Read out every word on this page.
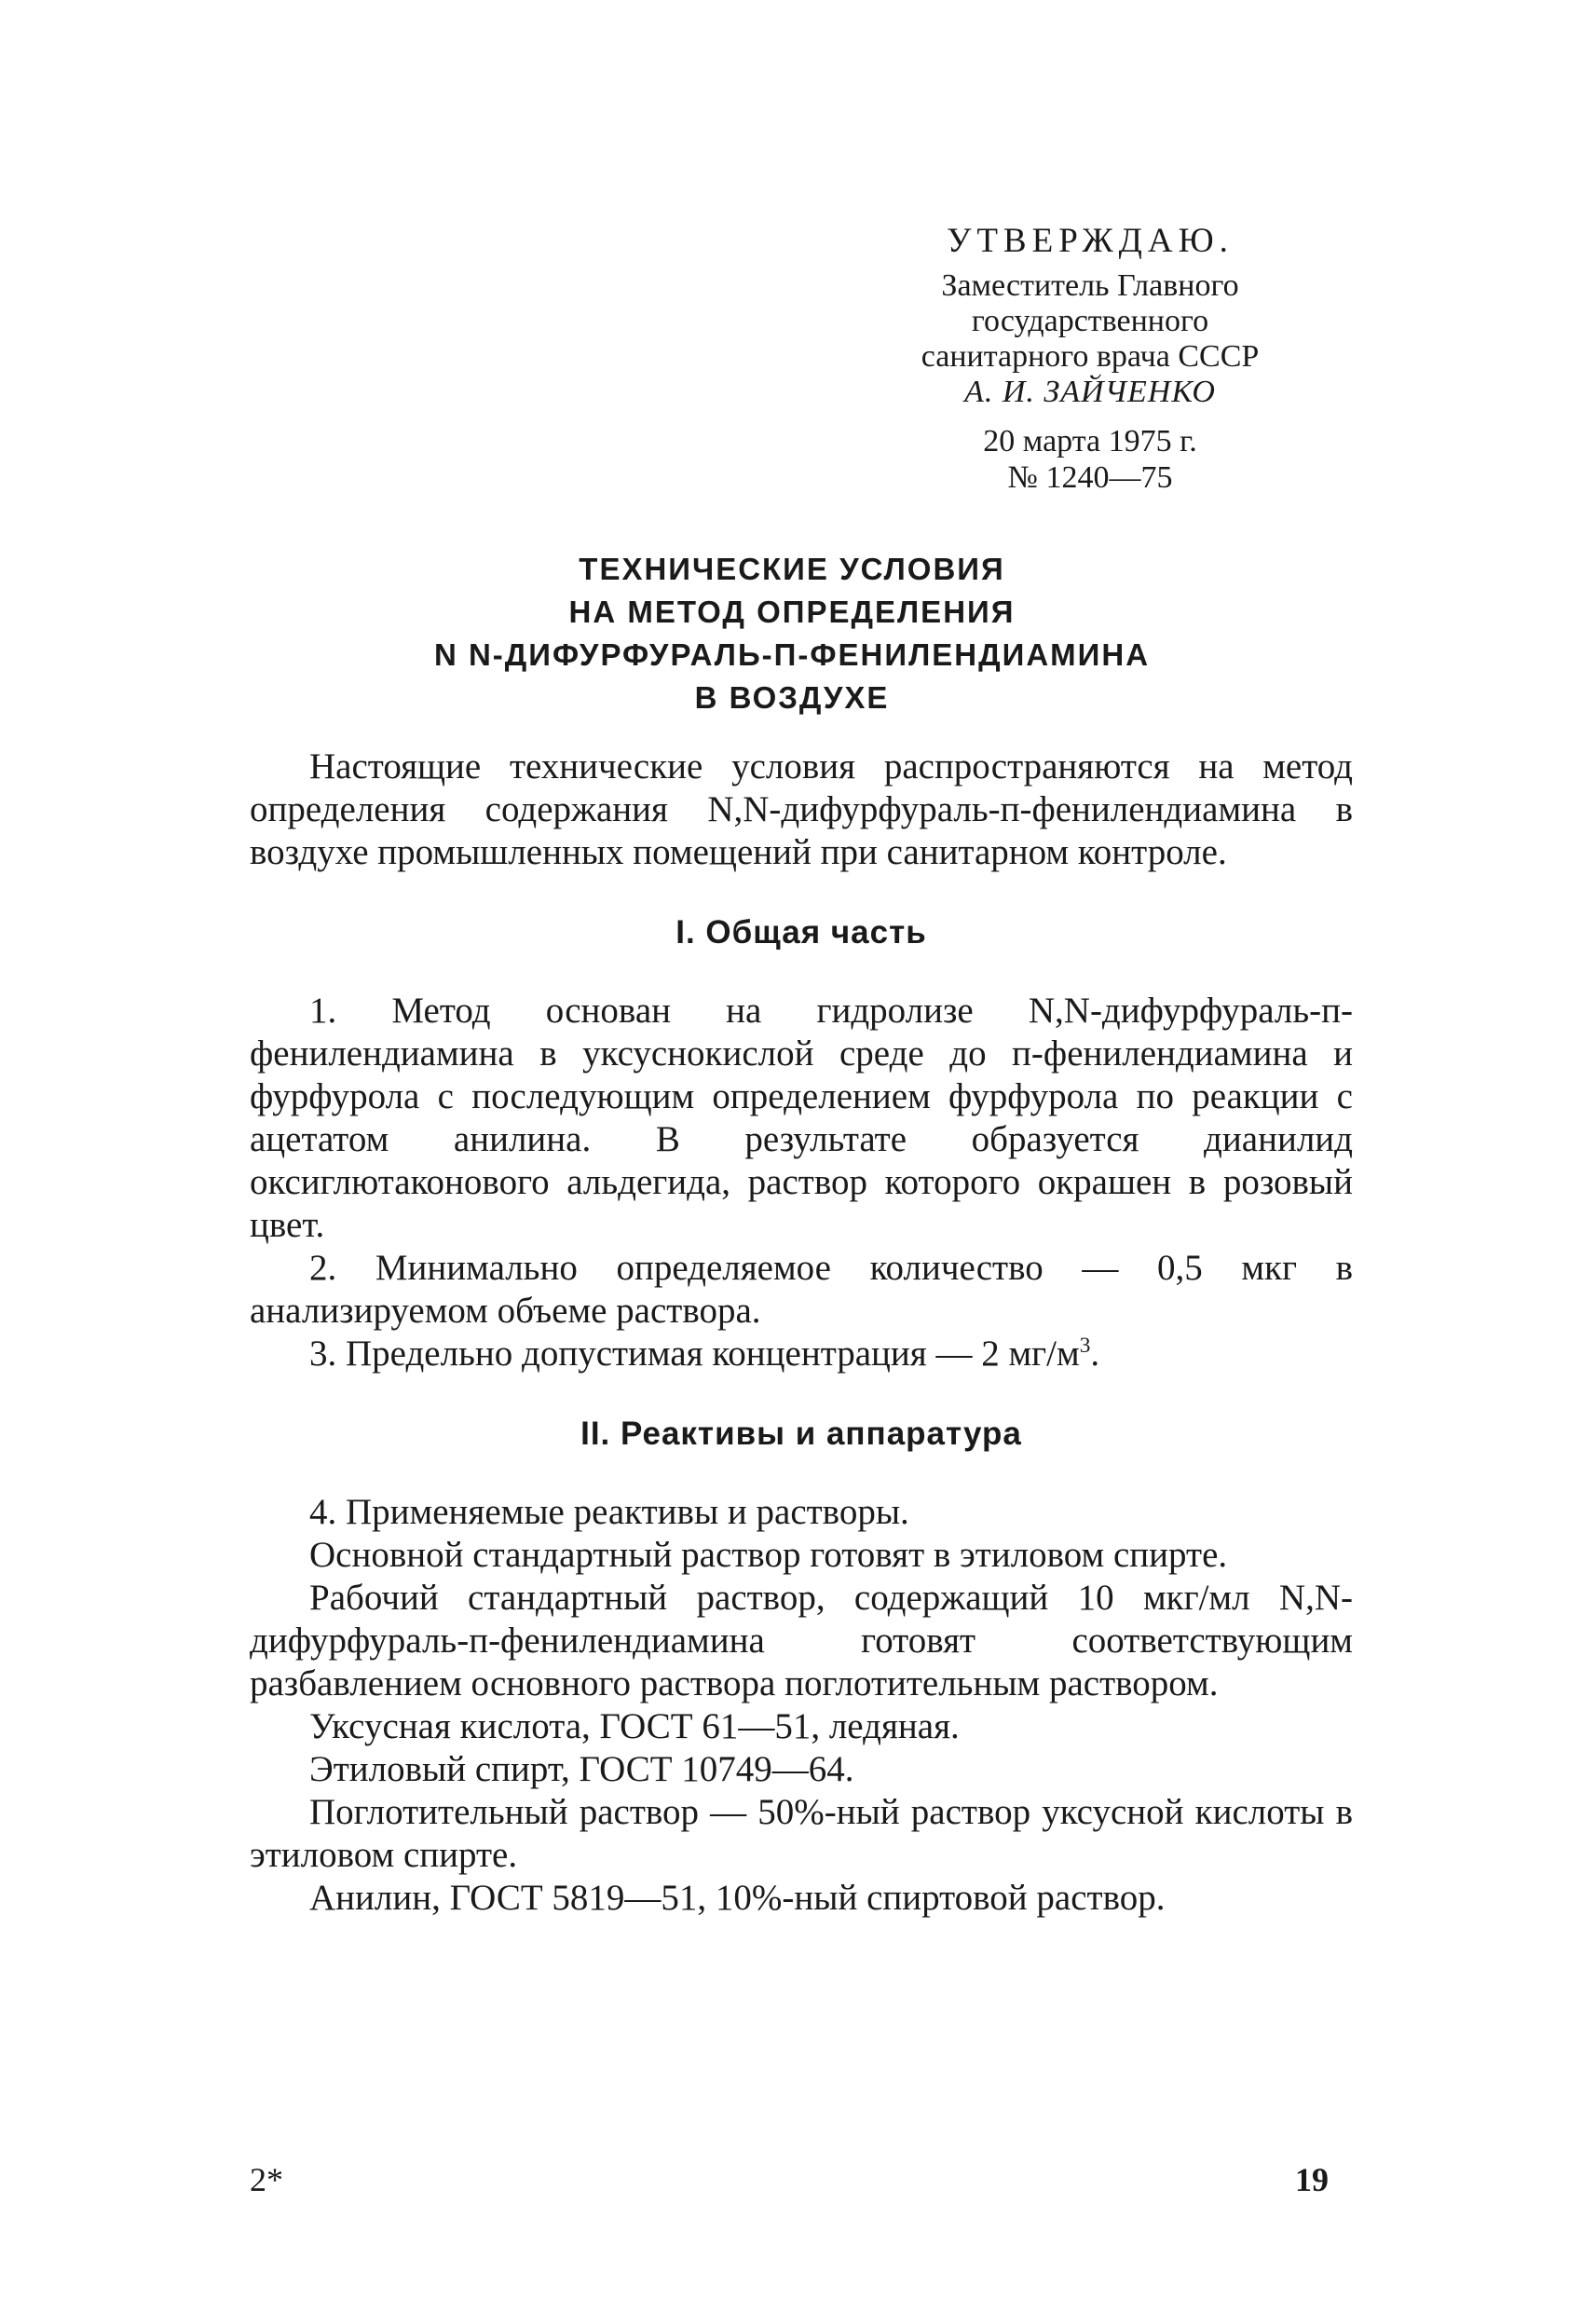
УТВЕРЖДАЮ.
Заместитель Главного
государственного
санитарного врача СССР
А. И. ЗАЙЧЕНКО
20 марта 1975 г.
№ 1240—75
ТЕХНИЧЕСКИЕ УСЛОВИЯ
НА МЕТОД ОПРЕДЕЛЕНИЯ
N N-ДИФУРФУРАЛЬ-П-ФЕНИЛЕНДИАМИНА
В ВОЗДУХЕ

Настоящие технические условия распространяются на метод определения содержания N,N-дифурфураль-п-фенилендиамина в воздухе промышленных помещений при санитарном контроле.

I. Общая часть

1. Метод основан на гидролизе N,N-дифурфураль-п-фенилендиамина в уксуснокислой среде до п-фенилендиамина и фурфурола с последующим определением фурфурола по реакции с ацетатом анилина. В результате образуется дианилид оксиглютаконового альдегида, раствор которого окрашен в розовый цвет.

2. Минимально определяемое количество — 0,5 мкг в анализируемом объеме раствора.

3. Предельно допустимая концентрация — 2 $мг/м^3$.

II. Реактивы и аппаратура

4. Применяемые реактивы и растворы.

Основной стандартный раствор готовят в этиловом спирте.

Рабочий стандартный раствор, содержащий 10 мкг/мл N,N-дифурфураль-п-фенилендиамина готовят соответствующим разбавлением основного раствора поглотительным раствором.

Уксусная кислота, ГОСТ 61—51, ледяная.

Этиловый спирт, ГОСТ 10749—64.

Поглотительный раствор — 50%-ный раствор уксусной кислоты в этиловом спирте.

Анилин, ГОСТ 5819—51, 10%-ный спиртовой раствор.

2*	19
